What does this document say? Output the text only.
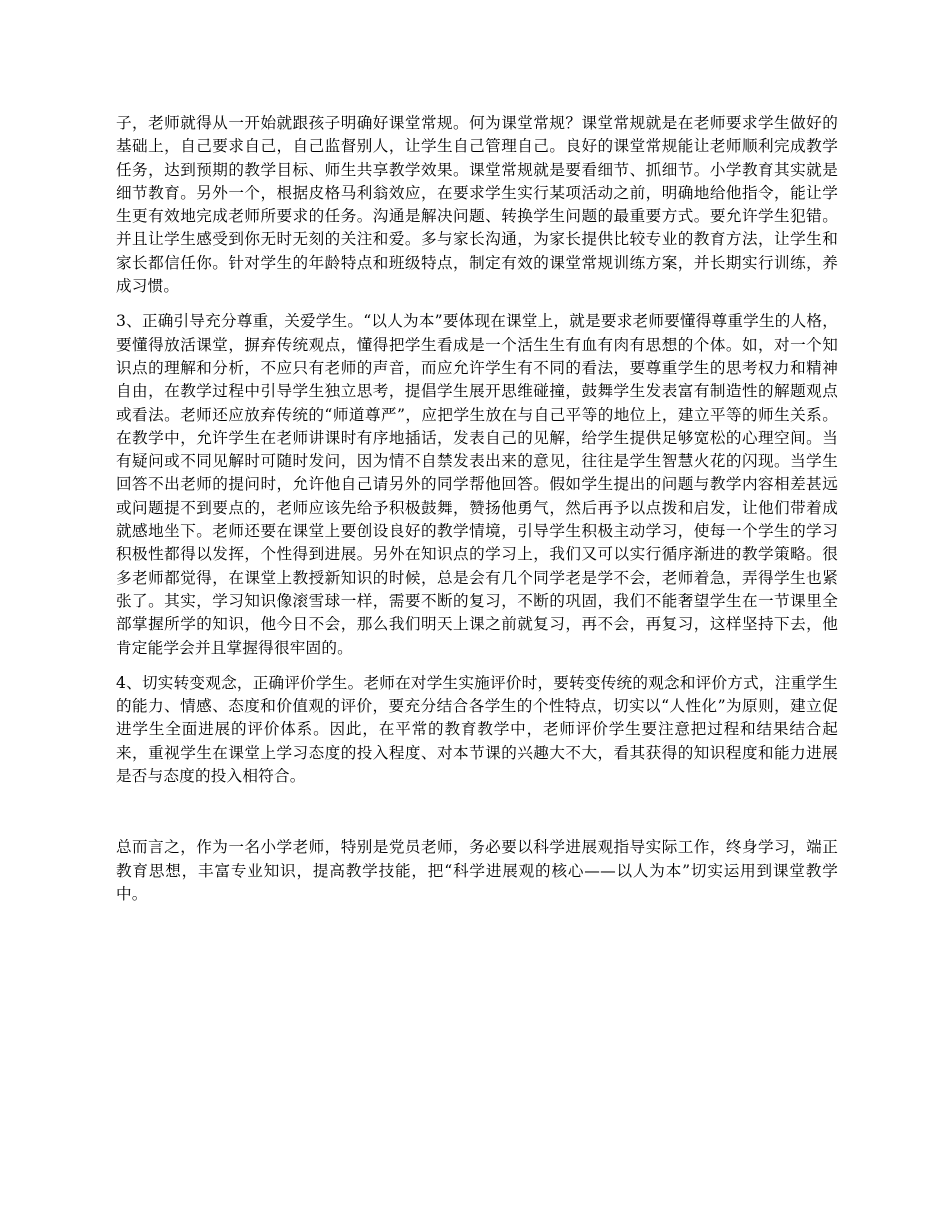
子，老师就得从一开始就跟孩子明确好课堂常规。何为课堂常规？课堂常规就是在老师要求学生做好的基础上，自己要求自己，自己监督别人，让学生自己管理自己。良好的课堂常规能让老师顺利完成教学任务，达到预期的教学目标、师生共享教学效果。课堂常规就是要看细节、抓细节。小学教育其实就是细节教育。另外一个，根据皮格马利翁效应，在要求学生实行某项活动之前，明确地给他指令，能让学生更有效地完成老师所要求的任务。沟通是解决问题、转换学生问题的最重要方式。要允许学生犯错。并且让学生感受到你无时无刻的关注和爱。多与家长沟通，为家长提供比较专业的教育方法，让学生和家长都信任你。针对学生的年龄特点和班级特点，制定有效的课堂常规训练方案，并长期实行训练，养成习惯。

3、正确引导充分尊重，关爱学生。“以人为本”要体现在课堂上，就是要求老师要懂得尊重学生的人格，要懂得放活课堂，摒弃传统观点，懂得把学生看成是一个活生生有血有肉有思想的个体。如，对一个知识点的理解和分析，不应只有老师的声音，而应允许学生有不同的看法，要尊重学生的思考权力和精神自由，在教学过程中引导学生独立思考，提倡学生展开思维碰撞，鼓舞学生发表富有制造性的解题观点或看法。老师还应放弃传统的“师道尊严”，应把学生放在与自己平等的地位上，建立平等的师生关系。在教学中，允许学生在老师讲课时有序地插话，发表自己的见解，给学生提供足够宽松的心理空间。当有疑问或不同见解时可随时发问，因为情不自禁发表出来的意见，往往是学生智慧火花的闪现。当学生回答不出老师的提问时，允许他自己请另外的同学帮他回答。假如学生提出的问题与教学内容相差甚远或问题提不到要点的，老师应该先给予积极鼓舞，赞扬他勇气，然后再予以点拨和启发，让他们带着成就感地坐下。老师还要在课堂上要创设良好的教学情境，引导学生积极主动学习，使每一个学生的学习积极性都得以发挥，个性得到进展。另外在知识点的学习上，我们又可以实行循序渐进的教学策略。很多老师都觉得，在课堂上教授新知识的时候，总是会有几个同学老是学不会，老师着急，弄得学生也紧张了。其实，学习知识像滚雪球一样，需要不断的复习，不断的巩固，我们不能奢望学生在一节课里全部掌握所学的知识，他今日不会，那么我们明天上课之前就复习，再不会，再复习，这样坚持下去，他肯定能学会并且掌握得很牢固的。

4、切实转变观念，正确评价学生。老师在对学生实施评价时，要转变传统的观念和评价方式，注重学生的能力、情感、态度和价值观的评价，要充分结合各学生的个性特点，切实以“人性化”为原则，建立促进学生全面进展的评价体系。因此，在平常的教育教学中，老师评价学生要注意把过程和结果结合起来，重视学生在课堂上学习态度的投入程度、对本节课的兴趣大不大，看其获得的知识程度和能力进展是否与态度的投入相符合。

总而言之，作为一名小学老师，特别是党员老师，务必要以科学进展观指导实际工作，终身学习，端正教育思想，丰富专业知识，提高教学技能，把“科学进展观的核心——以人为本”切实运用到课堂教学中。
